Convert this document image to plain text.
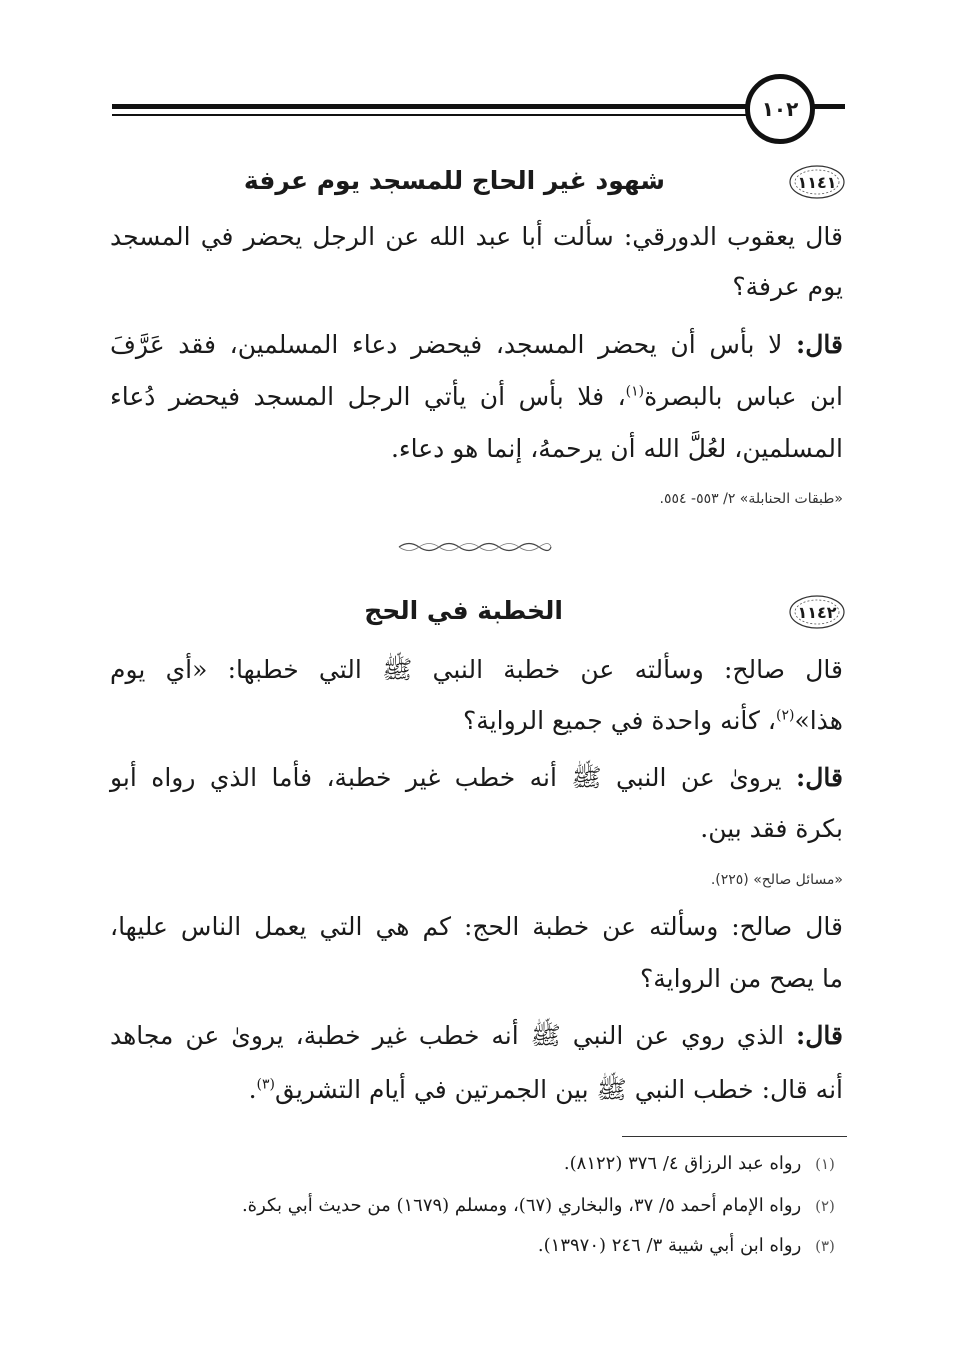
١٠٢
١١٤١
شهود غير الحاج للمسجد يوم عرفة
قال يعقوب الدورقي: سألت أبا عبد الله عن الرجل يحضر في المسجد
يوم عرفة؟
قال: لا بأس أن يحضر المسجد، فيحضر دعاء المسلمين، فقد عَرَّفَ
ابن عباس بالبصرة$^{(١)}$، فلا بأس أن يأتي الرجل المسجد فيحضر دُعاء
المسلمين، لعُلَّ الله أن يرحمهُ، إنما هو دعاء.
«طبقات الحنابلة» ٢/ ٥٥٣- ٥٥٤.
١١٤٢
الخطبة في الحج
قال صالح: وسألته عن خطبة النبي ﷺ التي خطبها: «أي يوم
هذا»$^{(٢)}$، كأنه واحدة في جميع الرواية؟
قال: يروىٰ عن النبي ﷺ أنه خطب غير خطبة، فأما الذي رواه أبو
بكرة فقد بين.
«مسائل صالح» (٢٢٥).
قال صالح: وسألته عن خطبة الحج: كم هي التي يعمل الناس عليها،
ما يصح من الرواية؟
قال: الذي روي عن النبي ﷺ أنه خطب غير خطبة، يروىٰ عن مجاهد
أنه قال: خطب النبي ﷺ بين الجمرتين في أيام التشريق$^{(٣)}$.
(١) رواه عبد الرزاق ٤/ ٣٧٦ (٨١٢٢).
(٢) رواه الإمام أحمد ٥/ ٣٧، والبخاري (٦٧)، ومسلم (١٦٧٩) من حديث أبي بكرة.
(٣) رواه ابن أبي شيبة ٣/ ٢٤٦ (١٣٩٧٠).
